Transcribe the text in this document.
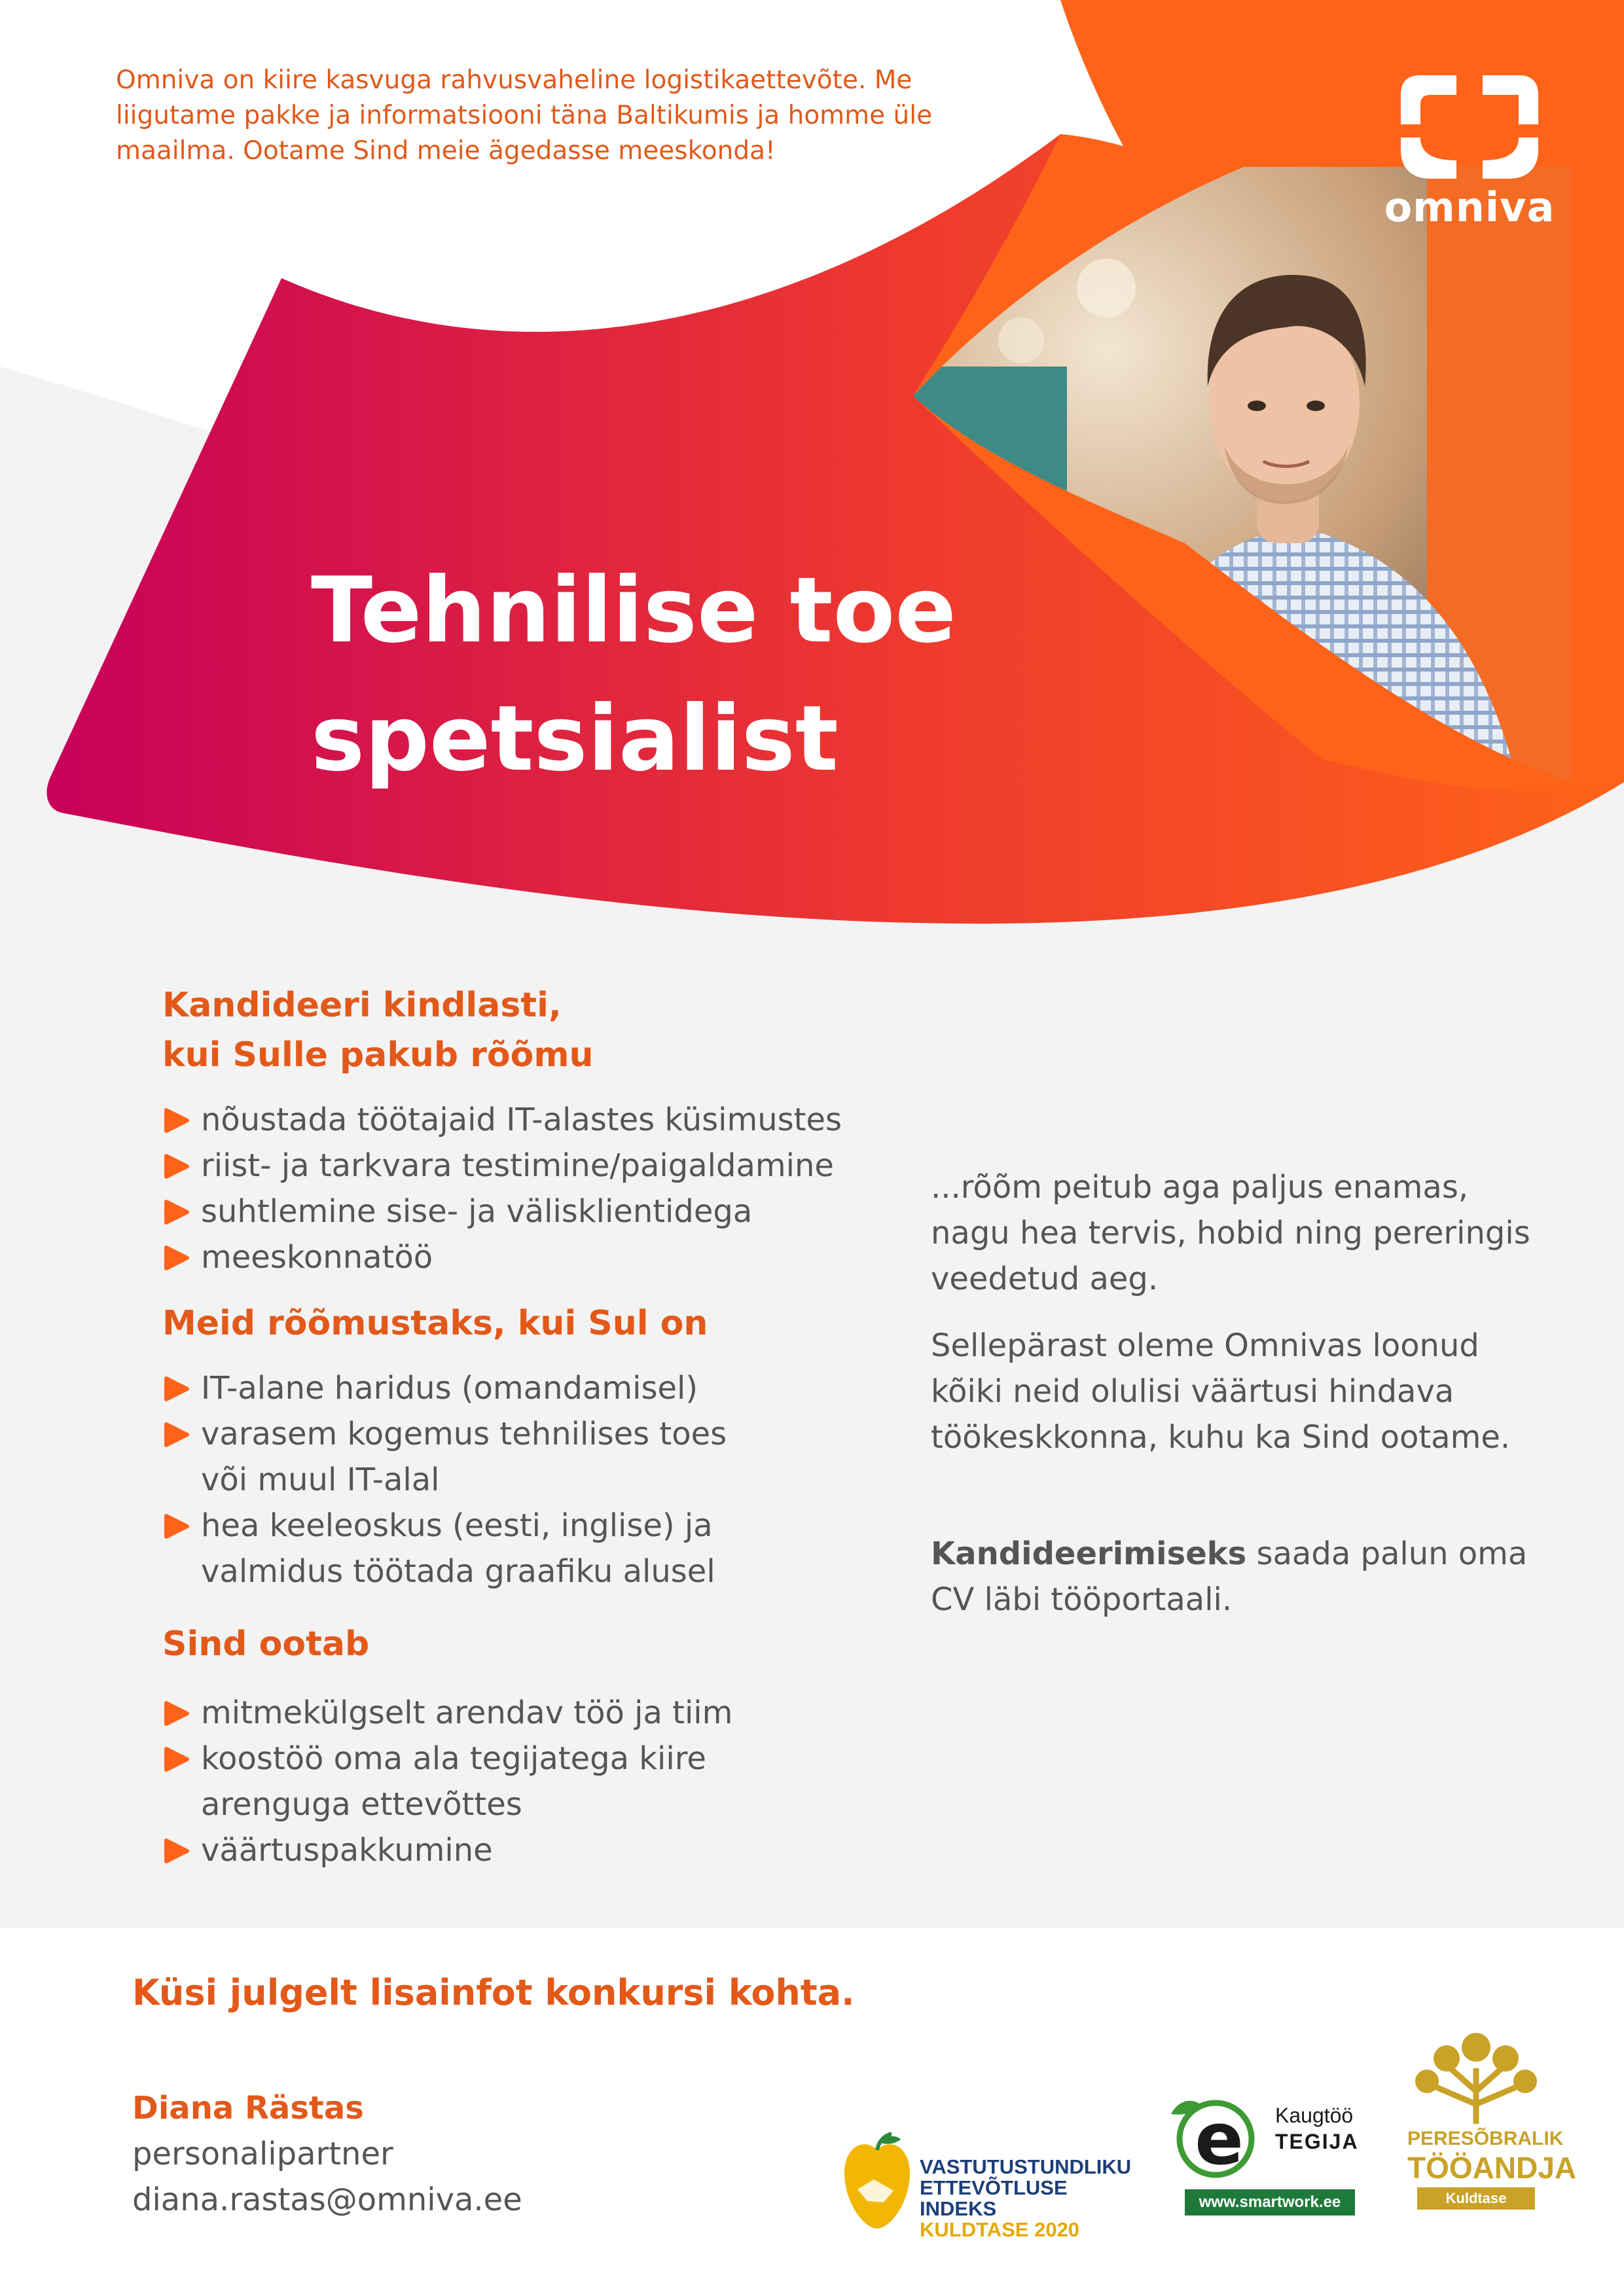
Omniva on kiire kasvuga rahvusvaheline logistikaettevõte. Me liigutame pakke ja informatsiooni täna Baltikumis ja homme üle maailma. Ootame Sind meie ägedasse meeskonda!
omniva
Tehnilise toe
spetsialist
Kandideeri kindlasti,
kui Sulle pakub rõõmu
nõustada töötajaid IT-alastes küsimustes
riist- ja tarkvara testimine/paigaldamine
suhtlemine sise- ja välisklientidega
meeskonnatöö
Meid rõõmustaks, kui Sul on
IT-alane haridus (omandamisel)
varasem kogemus tehnilises toes või muul IT-alal
hea keeleoskus (eesti, inglise) ja valmidus töötada graafiku alusel
Sind ootab
mitmekülgselt arendav töö ja tiim
koostöö oma ala tegijatega kiire arenguga ettevõttes
väärtuspakkumine

...rõõm peitub aga paljus enamas, nagu hea tervis, hobid ning pereringis veedetud aeg.

Sellepärast oleme Omnivas loonud kõiki neid olulisi väärtusi hindava töökeskkonna, kuhu ka Sind ootame.

Kandideerimiseks saada palun oma CV läbi tööportaali.

Küsi julgelt lisainfot konkursi kohta.
Diana Rästas
personalipartner
diana.rastas@omniva.ee
VASTUTUSTUNDLIKU
ETTEVÕTLUSE INDEKS
KULDTASE 2020
e	Kaugtöö
TEGIJA
www.smartwork.ee
PERESÕBRALIK
TÖÖANDJA
Kuldtase
